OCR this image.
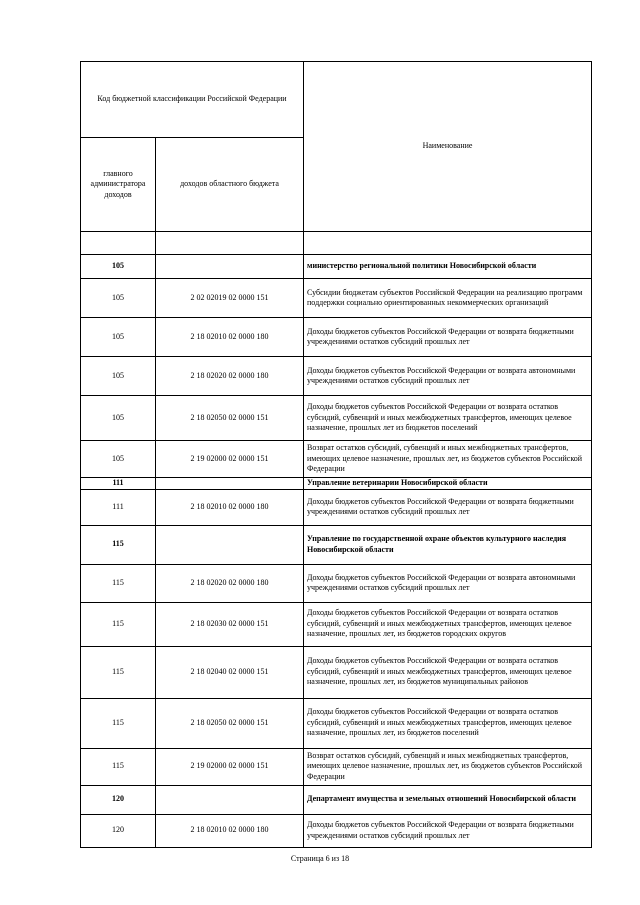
Код бюджетной классификации Российской Федерации		Наименование
главного администратора доходов	доходов областного бюджета	

105		министерство региональной политики Новосибирской области
105	2 02 02019 02 0000 151	Субсидии бюджетам субъектов Российской Федерации на реализацию программ поддержки социально ориентированных некоммерческих организаций
105	2 18 02010 02 0000 180	Доходы бюджетов субъектов Российской Федерации от возврата бюджетными учреждениями остатков субсидий прошлых лет
105	2 18 02020 02 0000 180	Доходы бюджетов субъектов Российской Федерации от возврата автономными учреждениями остатков субсидий прошлых лет
105	2 18 02050 02 0000 151	Доходы бюджетов субъектов Российской Федерации от возврата остатков субсидий, субвенций и иных межбюджетных трансфертов, имеющих целевое назначение, прошлых лет из бюджетов поселений
105	2 19 02000 02 0000 151	Возврат остатков субсидий, субвенций и иных межбюджетных трансфертов, имеющих целевое назначение, прошлых лет, из бюджетов субъектов Российской Федерации
111		Управление ветеринарии Новосибирской области
111	2 18 02010 02 0000 180	Доходы бюджетов субъектов Российской Федерации от возврата бюджетными учреждениями остатков субсидий прошлых лет
115		Управление по государственной охране объектов культурного наследия Новосибирской области
115	2 18 02020 02 0000 180	Доходы бюджетов субъектов Российской Федерации от возврата автономными учреждениями остатков субсидий прошлых лет
115	2 18 02030 02 0000 151	Доходы бюджетов субъектов Российской Федерации от возврата остатков субсидий, субвенций и иных межбюджетных трансфертов, имеющих целевое назначение, прошлых лет, из бюджетов городских округов
115	2 18 02040 02 0000 151	Доходы бюджетов субъектов Российской Федерации от возврата остатков субсидий, субвенций и иных межбюджетных трансфертов, имеющих целевое назначение, прошлых лет, из бюджетов муниципальных районов
115	2 18 02050 02 0000 151	Доходы бюджетов субъектов Российской Федерации от возврата остатков субсидий, субвенций и иных межбюджетных трансфертов, имеющих целевое назначение, прошлых лет, из бюджетов поселений
115	2 19 02000 02 0000 151	Возврат остатков субсидий, субвенций и иных межбюджетных трансфертов, имеющих целевое назначение, прошлых лет, из бюджетов субъектов Российской Федерации
120		Департамент имущества и земельных отношений Новосибирской области
120	2 18 02010 02 0000 180	Доходы бюджетов субъектов Российской Федерации от возврата бюджетными учреждениями остатков субсидий прошлых лет
Страница 6 из 18
